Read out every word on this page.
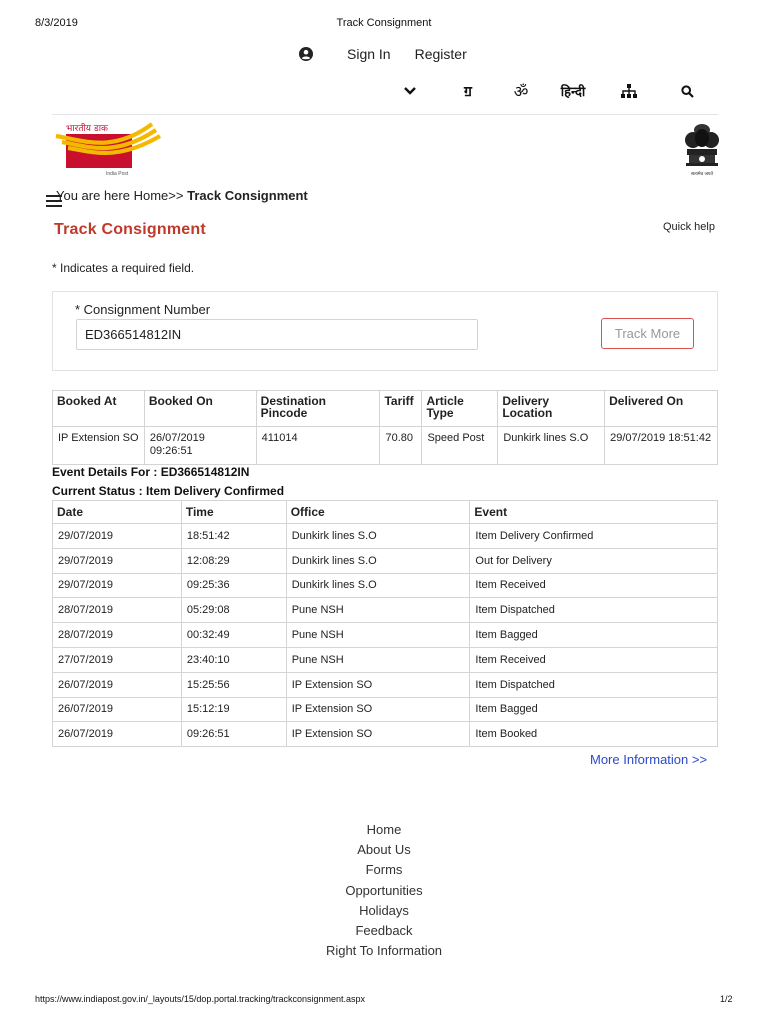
8/3/2019	Track Consignment
Sign In Register
ॻ	ॐ	हिन्दी
भारतीय डाक
India Post	सत्यमेव जयते
You are here Home>> Track Consignment
Track Consignment	Quick help
* Indicates a required field.
* Consignment Number
ED366514812IN
Track More
Booked At	Booked On	Destination Pincode	Tariff	Article Type	Delivery Location	Delivered On
IP Extension SO	26/07/2019 09:26:51	411014	70.80	Speed Post	Dunkirk lines S.O	29/07/2019 18:51:42
Event Details For : ED366514812IN
Current Status : Item Delivery Confirmed
Date	Time	Office	Event
29/07/2019	18:51:42	Dunkirk lines S.O	Item Delivery Confirmed
29/07/2019	12:08:29	Dunkirk lines S.O	Out for Delivery
29/07/2019	09:25:36	Dunkirk lines S.O	Item Received
28/07/2019	05:29:08	Pune NSH	Item Dispatched
28/07/2019	00:32:49	Pune NSH	Item Bagged
27/07/2019	23:40:10	Pune NSH	Item Received
26/07/2019	15:25:56	IP Extension SO	Item Dispatched
26/07/2019	15:12:19	IP Extension SO	Item Bagged
26/07/2019	09:26:51	IP Extension SO	Item Booked
More Information >>
Home
About Us
Forms
Opportunities
Holidays
Feedback
Right To Information
https://www.indiapost.gov.in/_layouts/15/dop.portal.tracking/trackconsignment.aspx	1/2
